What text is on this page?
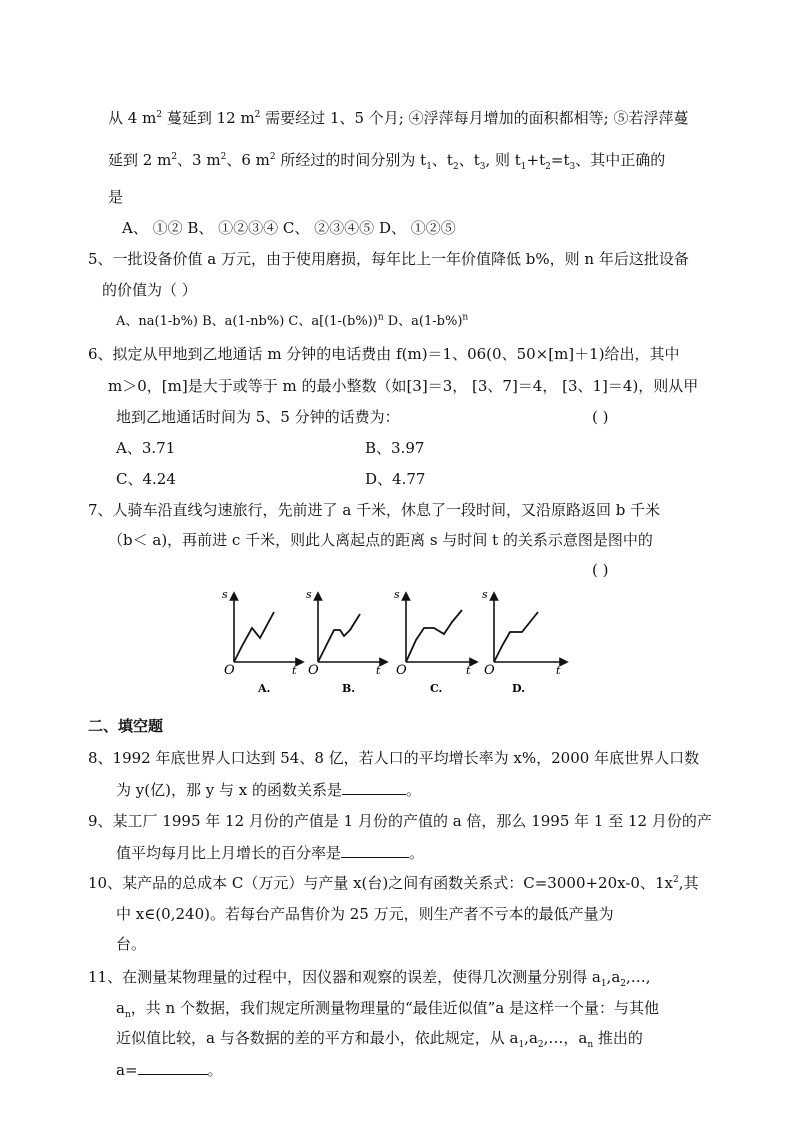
从 4 $m^2$ 蔓延到 12 $m^2$ 需要经过 1、5 个月; ④浮萍每月增加的面积都相等; ⑤若浮萍蔓
延到 2 $m^2$、3 $m^2$、6 $m^2$ 所经过的时间分别为 $t_1$、$t_2$、$t_3$, 则 $t_1+t_2=t_3$、其中正确的
是
A、 ①② B、 ①②③④ C、 ②③④⑤ D、 ①②⑤
5、一批设备价值 a 万元，由于使用磨损，每年比上一年价值降低 b%，则 n 年后这批设备
的价值为（ ）
A、na(1-b%) B、a(1-nb%) C、$a[(1-(b\%))^n$ D、$a(1-b\%)^n$
6、拟定从甲地到乙地通话 m 分钟的电话费由 f(m)＝1、06(0、50×[m]＋1)给出，其中
m＞0，[m]是大于或等于 m 的最小整数（如[3]＝3， [3、7]＝4， [3、1]＝4)，则从甲
地到乙地通话时间为 5、5 分钟的话费为：	( )
A、3.71	B、3.97
C、4.24	D、4.77
7、人骑车沿直线匀速旅行，先前进了 a 千米，休息了一段时间，又沿原路返回 b 千米
（b＜ a)，再前进 c 千米，则此人离起点的距离 s 与时间 t 的关系示意图是图中的
( )
s
O	t
A.
s
O	t
B.
s
O	t
C.
s
O	t
D.
二、填空题
8、1992 年底世界人口达到 54、8 亿，若人口的平均增长率为 x%，2000 年底世界人口数
为 y(亿)，那 y 与 x 的函数关系是	。
9、某工厂 1995 年 12 月份的产值是 1 月份的产值的 a 倍，那么 1995 年 1 至 12 月份的产
值平均每月比上月增长的百分率是	。
10、某产品的总成本 C（万元）与产量 x(台)之间有函数关系式：C=3000+20x-0、$1x^2$,其
中 x∈(0,240)。若每台产品售价为 25 万元，则生产者不亏本的最低产量为
台。
11、在测量某物理量的过程中，因仪器和观察的误差，使得几次测量分别得 $a_1,a_2,\dots$,
$a_n$，共 n 个数据，我们规定所测量物理量的“最佳近似值”a 是这样一个量：与其他
近似值比较，a 与各数据的差的平方和最小，依此规定，从 $a_1,a_2,\dots$，$a_n$ 推出的
a=	。
